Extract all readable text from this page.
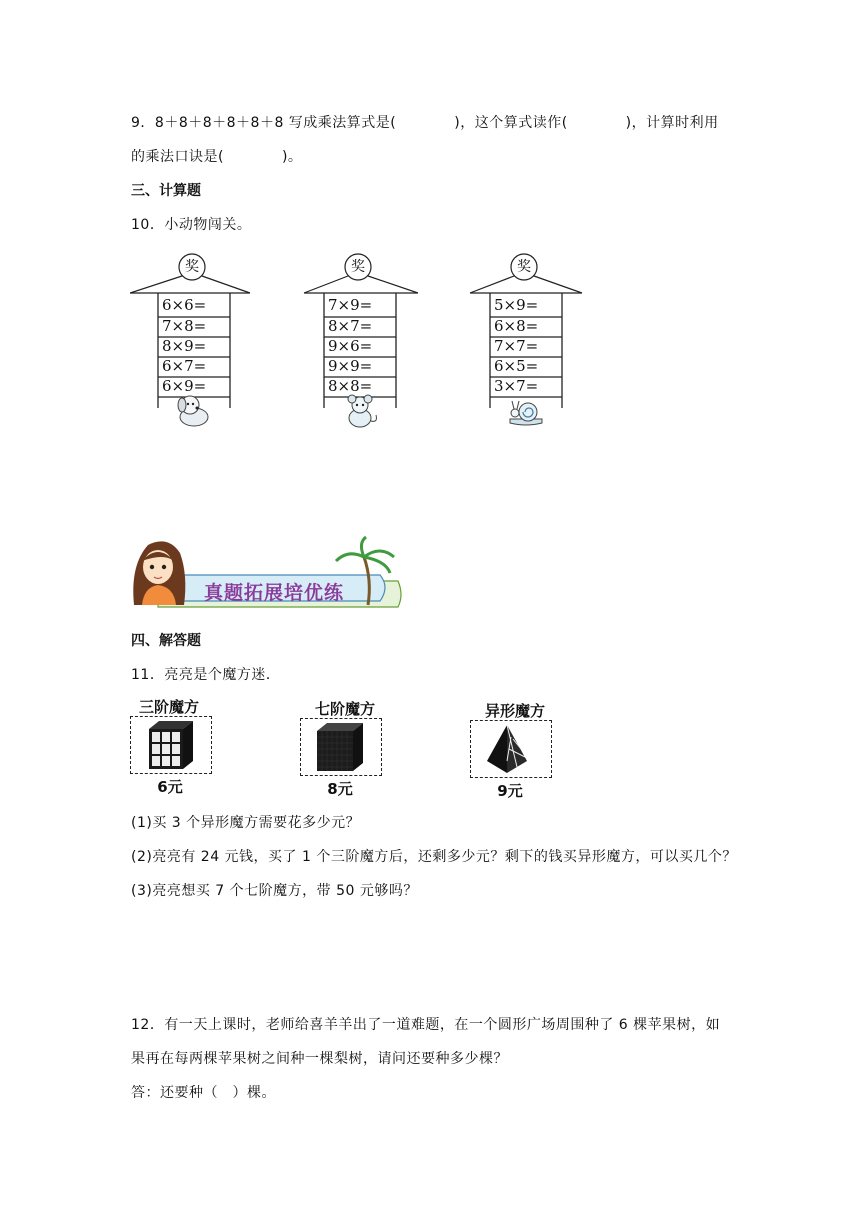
9．8＋8＋8＋8＋8＋8 写成乘法算式是(　　　　)，这个算式读作(　　　　)，计算时利用
的乘法口诀是(　　　　)。
三、计算题
10．小动物闯关。
奖
6×6=
7×8=
8×9=
6×7=
6×9=
奖
7×9=
8×7=
9×6=
9×9=
8×8=
奖
5×9=
6×8=
7×7=
6×5=
3×7=
真题拓展培优练
四、解答题
11．亮亮是个魔方迷．
三阶魔方
6元
七阶魔方
8元
异形魔方
9元
(1)买 3 个异形魔方需要花多少元？
(2)亮亮有 24 元钱，买了 1 个三阶魔方后，还剩多少元？剩下的钱买异形魔方，可以买几个？
(3)亮亮想买 7 个七阶魔方，带 50 元够吗？
12．有一天上课时，老师给喜羊羊出了一道难题，在一个圆形广场周围种了 6 棵苹果树，如
果再在每两棵苹果树之间种一棵梨树，请问还要种多少棵？
答：还要种（　）棵。
